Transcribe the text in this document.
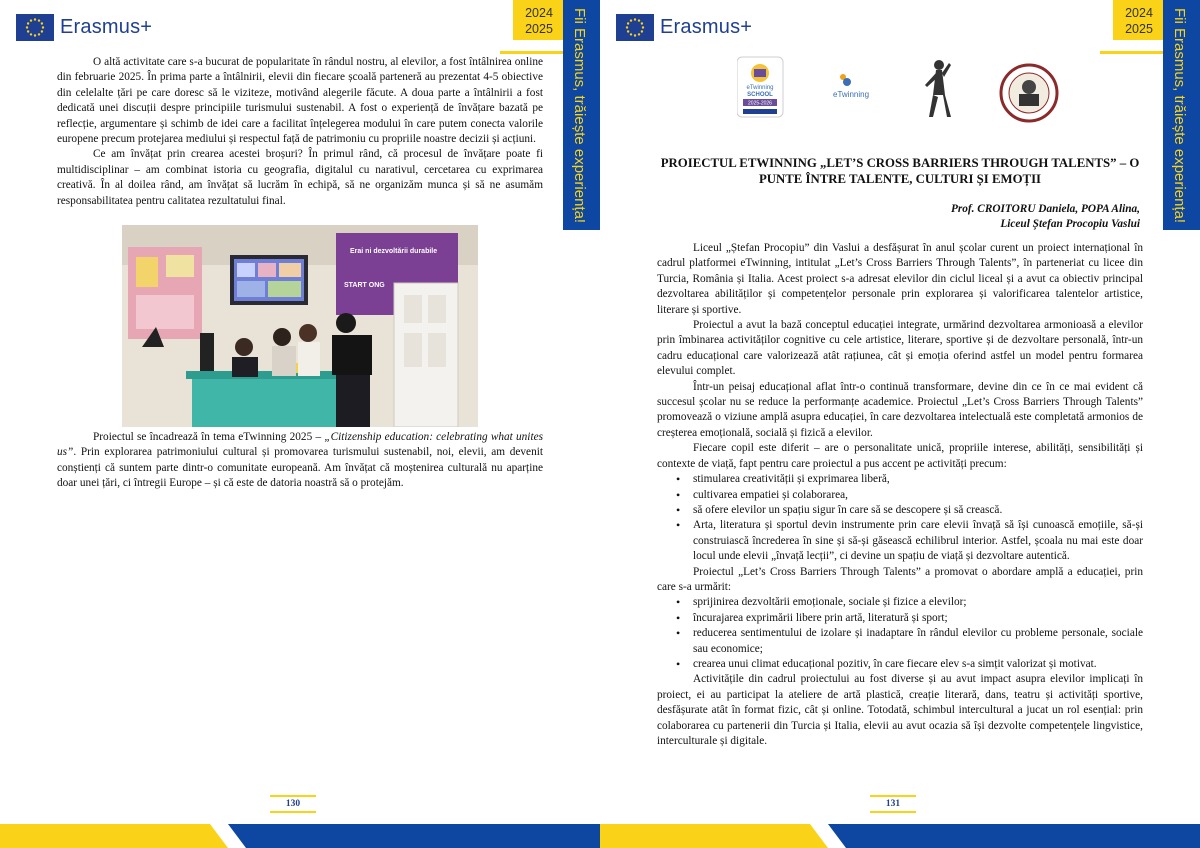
Erasmus+
2024
2025	Fii Erasmus, trăiește experiența!

O altă activitate care s-a bucurat de popularitate în rândul nostru, al elevilor, a fost întâlnirea online din februarie 2025. În prima parte a întâlnirii, elevii din fiecare școală parteneră au prezentat 4-5 obiective din celelalte țări pe care doresc să le viziteze, motivând alegerile făcute. A doua parte a întâlnirii a fost dedicată unei discuții despre principiile turismului sustenabil. A fost o experiență de învățare bazată pe reflecție, argumentare și schimb de idei care a facilitat înțelegerea modului în care putem conecta valorile europene precum protejarea mediului și respectul față de patrimoniu cu propriile noastre decizii și acțiuni.

Ce am învățat prin crearea acestei broșuri? În primul rând, că procesul de învățare poate fi multidisciplinar – am combinat istoria cu geografia, digitalul cu narativul, cercetarea cu exprimarea creativă. În al doilea rând, am învățat să lucrăm în echipă, să ne organizăm munca și să ne asumăm responsabilitatea pentru calitatea rezultatului final.

Erai ni dezvoltării durabile
START ONG

Proiectul se încadrează în tema eTwinning 2025 – „Citizenship education: celebrating what unites us”. Prin explorarea patrimoniului cultural și promovarea turismului sustenabil, noi, elevii, am devenit conștienți că suntem parte dintr-o comunitate europeană. Am învățat că moștenirea culturală nu aparține doar unei țări, ci întregii Europe – și că este de datoria noastră să o protejăm.

130
Erasmus+
2024
2025	Fii Erasmus, trăiește experiența!
eTwinning
SCHOOL
2025-2026
eTwinning
PROIECTUL ETWINNING „LET’S CROSS BARRIERS THROUGH TALENTS” – O PUNTE ÎNTRE TALENTE, CULTURI ȘI EMOȚII
Prof. CROITORU Daniela, POPA Alina,
Liceul Ștefan Procopiu Vaslui

Liceul „Ștefan Procopiu” din Vaslui a desfășurat în anul școlar curent un proiect internațional în cadrul platformei eTwinning, intitulat „Let’s Cross Barriers Through Talents”, în parteneriat cu licee din Turcia, România și Italia. Acest proiect s-a adresat elevilor din ciclul liceal și a avut ca obiectiv principal dezvoltarea abilităților și competențelor personale prin explorarea și valorificarea talentelor artistice, literare și sportive.

Proiectul a avut la bază conceptul educației integrate, urmărind dezvoltarea armonioasă a elevilor prin îmbinarea activităților cognitive cu cele artistice, literare, sportive și de dezvoltare personală, într-un cadru educațional care valorizează atât rațiunea, cât și emoția oferind astfel un model pentru formarea elevului complet.

Într-un peisaj educațional aflat într-o continuă transformare, devine din ce în ce mai evident că succesul școlar nu se reduce la performanțe academice. Proiectul „Let’s Cross Barriers Through Talents” promovează o viziune amplă asupra educației, în care dezvoltarea intelectuală este completată armonios de creșterea emoțională, socială și fizică a elevilor.

Fiecare copil este diferit – are o personalitate unică, propriile interese, abilități, sensibilități și contexte de viață, fapt pentru care proiectul a pus accent pe activități precum:

• stimularea creativității și exprimarea liberă,
• cultivarea empatiei și colaborarea,
• să ofere elevilor un spațiu sigur în care să se descopere și să crească.
• Arta, literatura și sportul devin instrumente prin care elevii învață să își cunoască emoțiile, să-și construiască încrederea în sine și să-și găsească echilibrul interior. Astfel, școala nu mai este doar locul unde elevii „învață lecții”, ci devine un spațiu de viață și dezvoltare autentică.

Proiectul „Let’s Cross Barriers Through Talents” a promovat o abordare amplă a educației, prin care s-a urmărit:

• sprijinirea dezvoltării emoționale, sociale și fizice a elevilor;
• încurajarea exprimării libere prin artă, literatură și sport;
• reducerea sentimentului de izolare și inadaptare în rândul elevilor cu probleme personale, sociale sau economice;
• crearea unui climat educațional pozitiv, în care fiecare elev s-a simțit valorizat și motivat.

Activitățile din cadrul proiectului au fost diverse și au avut impact asupra elevilor implicați în proiect, ei au participat la ateliere de artă plastică, creație literară, dans, teatru și activități sportive, desfășurate atât în format fizic, cât și online. Totodată, schimbul intercultural a jucat un rol esențial: prin colaborarea cu partenerii din Turcia și Italia, elevii au avut ocazia să își dezvolte competențele lingvistice, interculturale și digitale.

131
